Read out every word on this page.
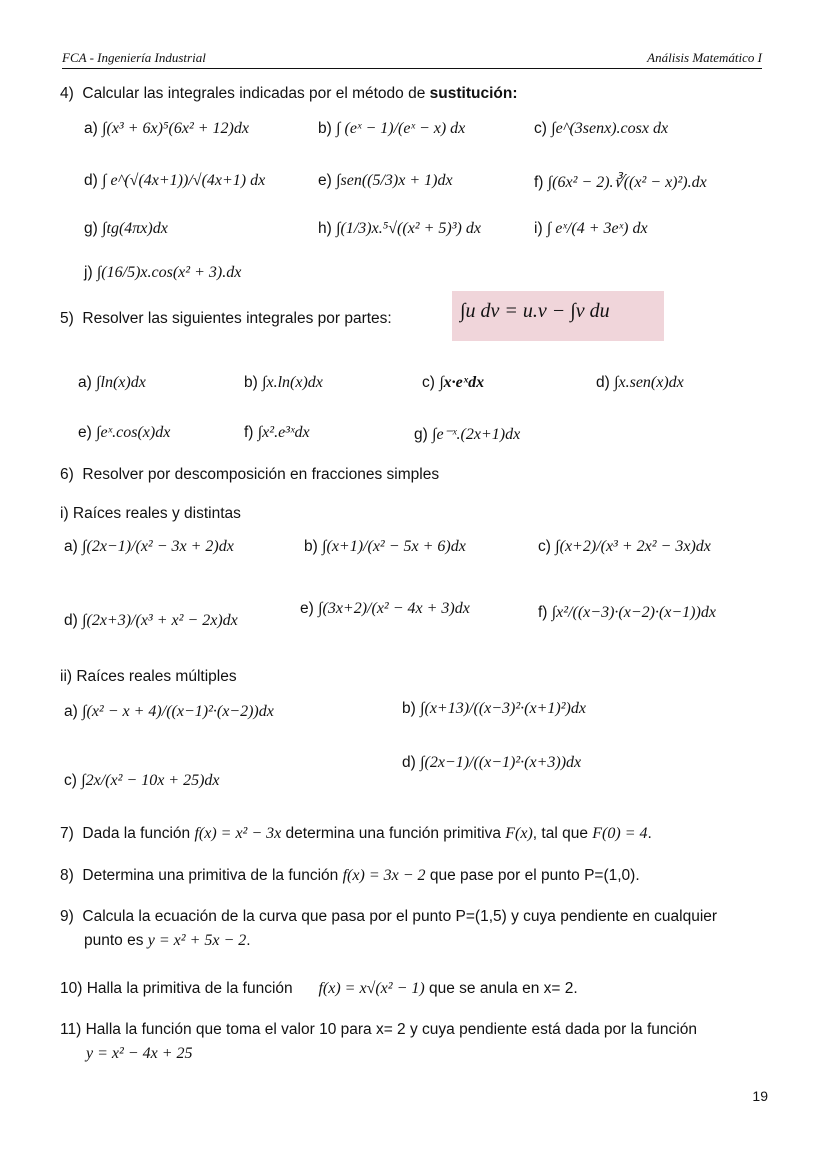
FCA - Ingeniería Industrial	Análisis Matemático I
4) Calcular las integrales indicadas por el método de sustitución:
a) ∫(x³ + 6x)⁵(6x² + 12)dx	b) ∫ (eˣ − 1)/(eˣ − x) dx	c) ∫e^(3senx).cosx dx
d) ∫ e^(√(4x+1))/√(4x+1) dx	e) ∫sen((5/3)x + 1)dx	f) ∫(6x² − 2).∛((x² − x)²).dx
g) ∫tg(4πx)dx	h) ∫(1/3)x.⁵√((x² + 5)³) dx	i) ∫ eˣ/(4 + 3eˣ) dx
j) ∫(16/5)x.cos(x² + 3).dx
5) Resolver las siguientes integrales por partes:	∫u dv = u.v − ∫v du
a) ∫ln(x)dx	b) ∫x.ln(x)dx	c) ∫x·eˣdx	d) ∫x.sen(x)dx
e) ∫eˣ.cos(x)dx	f) ∫x².e³ˣdx	g) ∫e⁻ˣ.(2x+1)dx
6) Resolver por descomposición en fracciones simples
i) Raíces reales y distintas
a) ∫(2x−1)/(x² − 3x + 2)dx	b) ∫(x+1)/(x² − 5x + 6)dx	c) ∫(x+2)/(x³ + 2x² − 3x)dx
d) ∫(2x+3)/(x³ + x² − 2x)dx
e) ∫(3x+2)/(x² − 4x + 3)dx	f) ∫x²/((x−3)·(x−2)·(x−1))dx
ii) Raíces reales múltiples
a) ∫(x² − x + 4)/((x−1)²·(x−2))dx	b) ∫(x+13)/((x−3)²·(x+1)²)dx
c) ∫2x/(x² − 10x + 25)dx
d) ∫(2x−1)/((x−1)²·(x+3))dx
7) Dada la función f(x) = x² − 3x determina una función primitiva F(x), tal que F(0) = 4.
8) Determina una primitiva de la función f(x) = 3x − 2 que pase por el punto P=(1,0).
9) Calcula la ecuación de la curva que pasa por el punto P=(1,5) y cuya pendiente en cualquier
punto es y = x² + 5x − 2.
10) Halla la primitiva de la función f(x) = x√(x² − 1) que se anula en x= 2.
11) Halla la función que toma el valor 10 para x= 2 y cuya pendiente está dada por la función
y = x² − 4x + 25
19
